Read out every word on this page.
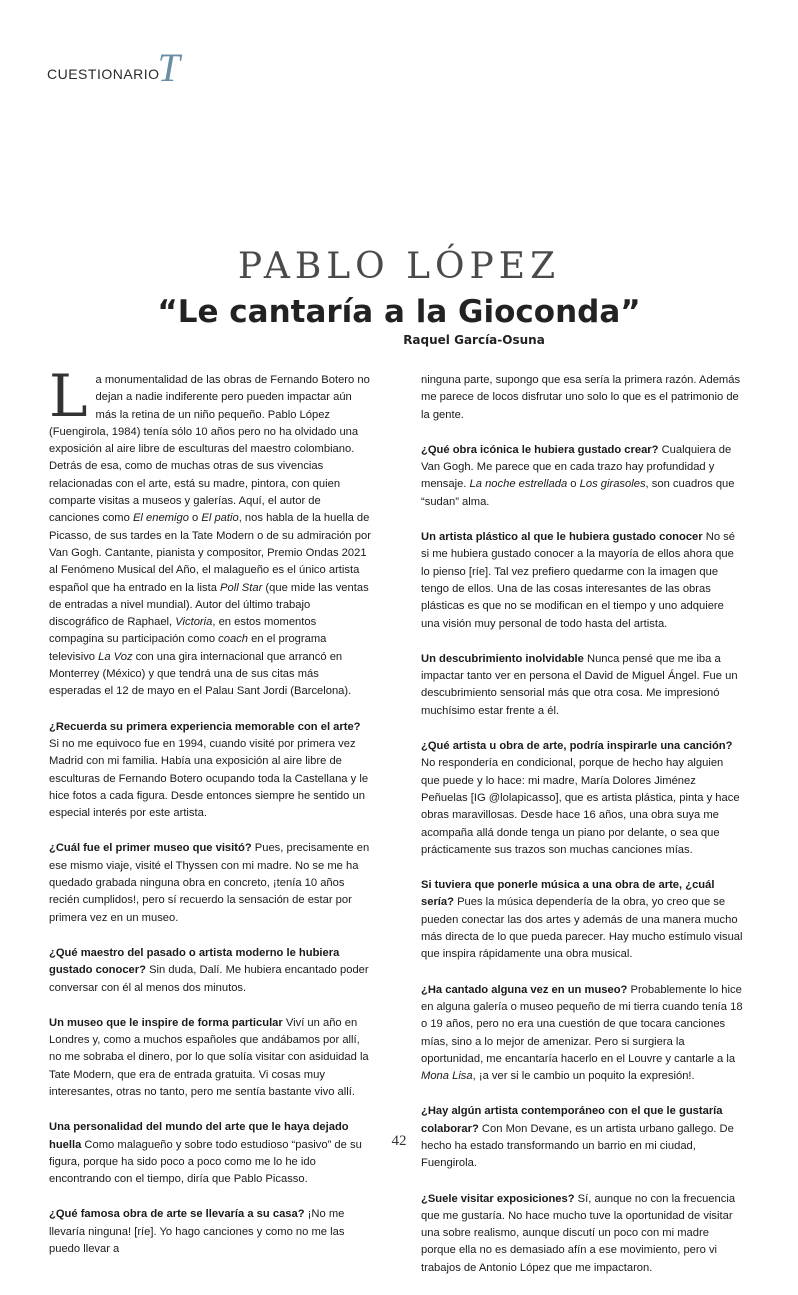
CUESTIONARIO
T
PABLO LÓPEZ
“Le cantaría a la Gioconda”
Raquel García-Osuna

L a monumentalidad de las obras de Fernando Botero no dejan a nadie indiferente pero pueden impactar aún más la retina de un niño pequeño. Pablo López (Fuengirola, 1984) tenía sólo 10 años pero no ha olvidado una exposición al aire libre de esculturas del maestro colombiano. Detrás de esa, como de muchas otras de sus vivencias relacionadas con el arte, está su madre, pintora, con quien comparte visitas a museos y galerías. Aquí, el autor de canciones como El enemigo o El patio, nos habla de la huella de Picasso, de sus tardes en la Tate Modern o de su admiración por Van Gogh. Cantante, pianista y compositor, Premio Ondas 2021 al Fenómeno Musical del Año, el malagueño es el único artista español que ha entrado en la lista Poll Star (que mide las ventas de entradas a nivel mundial). Autor del último trabajo discográfico de Raphael, Victoria, en estos momentos compagina su participación como coach en el programa televisivo La Voz con una gira internacional que arrancó en Monterrey (México) y que tendrá una de sus citas más esperadas el 12 de mayo en el Palau Sant Jordi (Barcelona).

¿Recuerda su primera experiencia memorable con el arte? Si no me equivoco fue en 1994, cuando visité por primera vez Madrid con mi familia. Había una exposición al aire libre de esculturas de Fernando Botero ocupando toda la Castellana y le hice fotos a cada figura. Desde entonces siempre he sentido un especial interés por este artista.

¿Cuál fue el primer museo que visitó? Pues, precisamente en ese mismo viaje, visité el Thyssen con mi madre. No se me ha quedado grabada ninguna obra en concreto, ¡tenía 10 años recién cumplidos!, pero sí recuerdo la sensación de estar por primera vez en un museo.

¿Qué maestro del pasado o artista moderno le hubiera gustado conocer? Sin duda, Dalí. Me hubiera encantado poder conversar con él al menos dos minutos.

Un museo que le inspire de forma particular Viví un año en Londres y, como a muchos españoles que andábamos por allí, no me sobraba el dinero, por lo que solía visitar con asiduidad la Tate Modern, que era de entrada gratuita. Vi cosas muy interesantes, otras no tanto, pero me sentía bastante vivo allí.

Una personalidad del mundo del arte que le haya dejado huella Como malagueño y sobre todo estudioso “pasivo” de su figura, porque ha sido poco a poco como me lo he ido encontrando con el tiempo, diría que Pablo Picasso.

¿Qué famosa obra de arte se llevaría a su casa? ¡No me llevaría ninguna! [ríe]. Yo hago canciones y como no me las puedo llevar a

ninguna parte, supongo que esa sería la primera razón. Además me parece de locos disfrutar uno solo lo que es el patrimonio de la gente.

¿Qué obra icónica le hubiera gustado crear? Cualquiera de Van Gogh. Me parece que en cada trazo hay profundidad y mensaje. La noche estrellada o Los girasoles, son cuadros que “sudan” alma.

Un artista plástico al que le hubiera gustado conocer No sé si me hubiera gustado conocer a la mayoría de ellos ahora que lo pienso [ríe]. Tal vez prefiero quedarme con la imagen que tengo de ellos. Una de las cosas interesantes de las obras plásticas es que no se modifican en el tiempo y uno adquiere una visión muy personal de todo hasta del artista.

Un descubrimiento inolvidable Nunca pensé que me iba a impactar tanto ver en persona el David de Miguel Ángel. Fue un descubrimiento sensorial más que otra cosa. Me impresionó muchísimo estar frente a él.

¿Qué artista u obra de arte, podría inspirarle una canción? No respondería en condicional, porque de hecho hay alguien que puede y lo hace: mi madre, María Dolores Jiménez Peñuelas [IG @lolapicasso], que es artista plástica, pinta y hace obras maravillosas. Desde hace 16 años, una obra suya me acompaña allá donde tenga un piano por delante, o sea que prácticamente sus trazos son muchas canciones mías.

Si tuviera que ponerle música a una obra de arte, ¿cuál sería? Pues la música dependería de la obra, yo creo que se pueden conectar las dos artes y además de una manera mucho más directa de lo que pueda parecer. Hay mucho estímulo visual que inspira rápidamente una obra musical.

¿Ha cantado alguna vez en un museo? Probablemente lo hice en alguna galería o museo pequeño de mi tierra cuando tenía 18 o 19 años, pero no era una cuestión de que tocara canciones mías, sino a lo mejor de amenizar. Pero si surgiera la oportunidad, me encantaría hacerlo en el Louvre y cantarle a la Mona Lisa, ¡a ver si le cambio un poquito la expresión!.

¿Hay algún artista contemporáneo con el que le gustaría colaborar? Con Mon Devane, es un artista urbano gallego. De hecho ha estado transformando un barrio en mi ciudad, Fuengirola.

¿Suele visitar exposiciones? Sí, aunque no con la frecuencia que me gustaría. No hace mucho tuve la oportunidad de visitar una sobre realismo, aunque discutí un poco con mi madre porque ella no es demasiado afín a ese movimiento, pero vi trabajos de Antonio López que me impactaron.

42
